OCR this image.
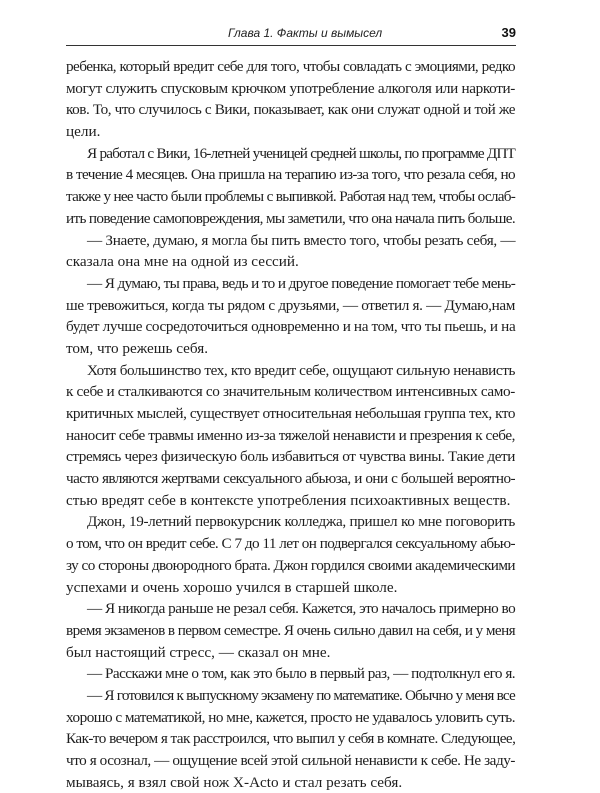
Глава 1. Факты и вымысел	39
ребенка, который вредит себе для того, чтобы совладать с эмоциями, редко
могут служить спусковым крючком употребление алкоголя или наркоти-
ков. То, что случилось с Вики, показывает, как они служат одной и той же
цели.
Я работал с Вики, 16-летней ученицей средней школы, по программе ДПТ
в течение 4 месяцев. Она пришла на терапию из-за того, что резала себя, но
также у нее часто были проблемы с выпивкой. Работая над тем, чтобы ослаб-
ить поведение самоповреждения, мы заметили, что она начала пить больше.
— Знаете, думаю, я могла бы пить вместо того, чтобы резать себя, —
сказала она мне на одной из сессий.
— Я думаю, ты права, ведь и то и другое поведение помогает тебе мень-
ше тревожиться, когда ты рядом с друзьями, — ответил я. — Думаю,нам
будет лучше сосредоточиться одновременно и на том, что ты пьешь, и на
том, что режешь себя.
Хотя большинство тех, кто вредит себе, ощущают сильную ненависть
к себе и сталкиваются со значительным количеством интенсивных само-
критичных мыслей, существует относительная небольшая группа тех, кто
наносит себе травмы именно из-за тяжелой ненависти и презрения к себе,
стремясь через физическую боль избавиться от чувства вины. Такие дети
часто являются жертвами сексуального абьюза, и они с большей вероятно-
стью вредят себе в контексте употребления психоактивных веществ.
Джон, 19-летний первокурсник колледжа, пришел ко мне поговорить
о том, что он вредит себе. С 7 до 11 лет он подвергался сексуальному абью-
зу со стороны двоюродного брата. Джон гордился своими академическими
успехами и очень хорошо учился в старшей школе.
— Я никогда раньше не резал себя. Кажется, это началось примерно во
время экзаменов в первом семестре. Я очень сильно давил на себя, и у меня
был настоящий стресс, — сказал он мне.
— Расскажи мне о том, как это было в первый раз, — подтолкнул его я.
— Я готовился к выпускному экзамену по математике. Обычно у меня все
хорошо с математикой, но мне, кажется, просто не удавалось уловить суть.
Как-то вечером я так расстроился, что выпил у себя в комнате. Следующее,
что я осознал, — ощущение всей этой сильной ненависти к себе. Не заду-
мываясь, я взял свой нож X-Acto и стал резать себя.
